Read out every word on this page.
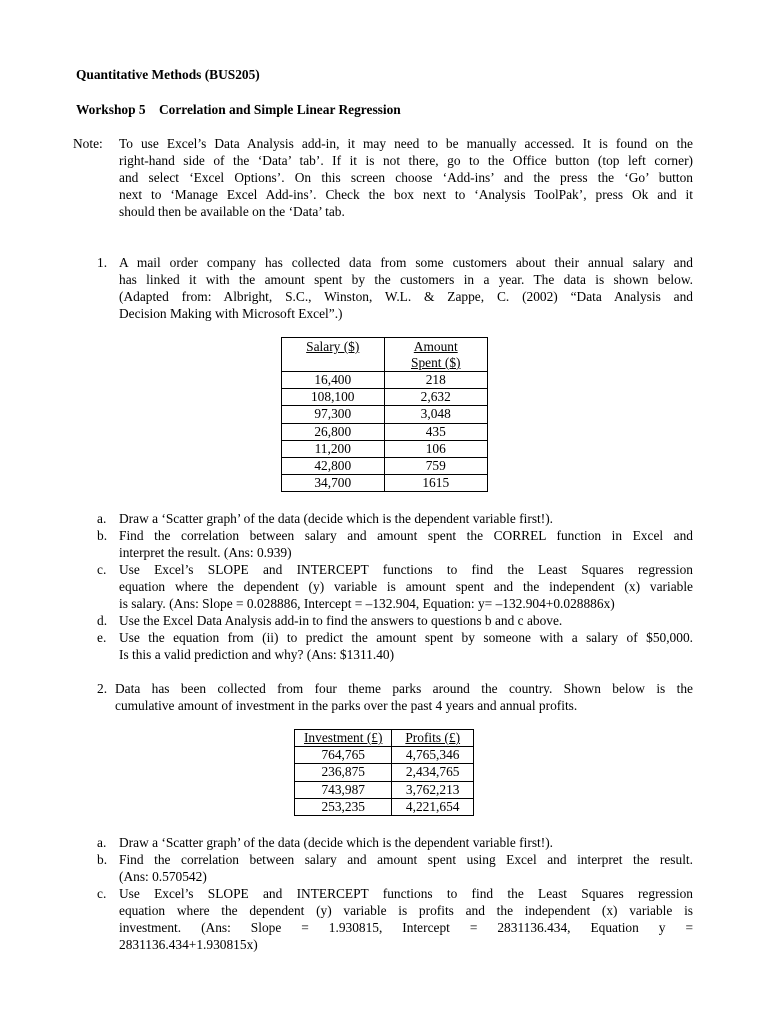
Quantitative Methods (BUS205)
Workshop 5 Correlation and Simple Linear Regression
Note: To use Excel’s Data Analysis add-in, it may need to be manually accessed. It is found on the
right-hand side of the ‘Data’ tab’. If it is not there, go to the Office button (top left corner)
and select ‘Excel Options’. On this screen choose ‘Add-ins’ and the press the ‘Go’ button
next to ‘Manage Excel Add-ins’. Check the box next to ‘Analysis ToolPak’, press Ok and it
should then be available on the ‘Data’ tab.
1. A mail order company has collected data from some customers about their annual salary and
has linked it with the amount spent by the customers in a year. The data is shown below.
(Adapted from: Albright, S.C., Winston, W.L. & Zappe, C. (2002) “Data Analysis and
Decision Making with Microsoft Excel”.)
Salary ($)	Amount
Spent ($)
16,400	218
108,100	2,632
97,300	3,048
26,800	435
11,200	106
42,800	759
34,700	1615
a. Draw a ‘Scatter graph’ of the data (decide which is the dependent variable first!).
b. Find the correlation between salary and amount spent the CORREL function in Excel and
interpret the result. (Ans: 0.939)
c. Use Excel’s SLOPE and INTERCEPT functions to find the Least Squares regression
equation where the dependent (y) variable is amount spent and the independent (x) variable
is salary. (Ans: Slope = 0.028886, Intercept = –132.904, Equation: y= –132.904+0.028886x)
d. Use the Excel Data Analysis add-in to find the answers to questions b and c above.
e. Use the equation from (ii) to predict the amount spent by someone with a salary of $50,000.
Is this a valid prediction and why? (Ans: $1311.40)
2. Data has been collected from four theme parks around the country. Shown below is the
cumulative amount of investment in the parks over the past 4 years and annual profits.
Investment (£)	Profits (£)
764,765	4,765,346
236,875	2,434,765
743,987	3,762,213
253,235	4,221,654
a. Draw a ‘Scatter graph’ of the data (decide which is the dependent variable first!).
b. Find the correlation between salary and amount spent using Excel and interpret the result.
(Ans: 0.570542)
c. Use Excel’s SLOPE and INTERCEPT functions to find the Least Squares regression
equation where the dependent (y) variable is profits and the independent (x) variable is
investment.  (Ans:  Slope  =  1.930815,  Intercept  =  2831136.434,  Equation  y  =
2831136.434+1.930815x)
